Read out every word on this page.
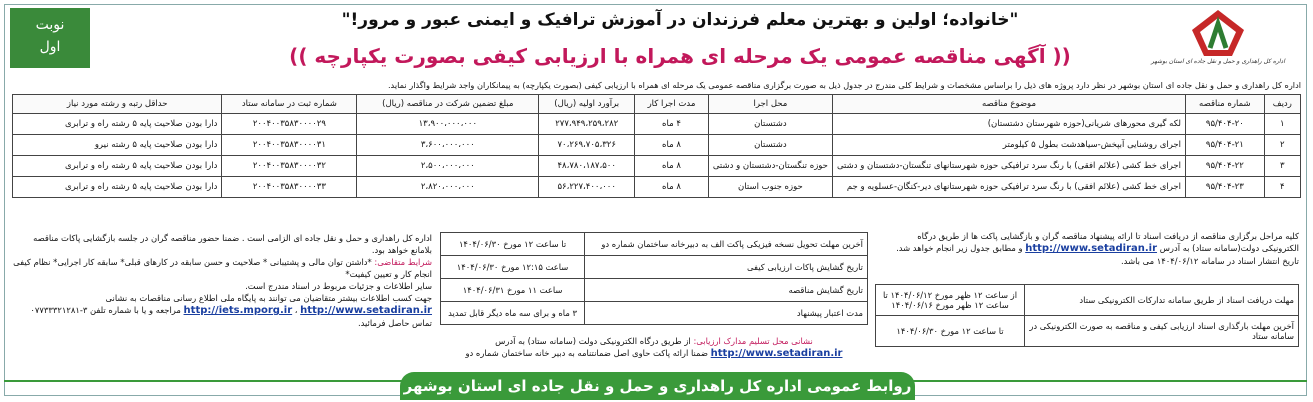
نوبت
اول
اداره کل راهداری و حمل و نقل جاده ای استان بوشهر
"خانواده؛ اولین و بهترین معلم فرزندان در آموزش ترافیک و ایمنی عبور و مرور!"
(( آگهی مناقصه عمومی یک مرحله ای همراه با ارزیابی کیفی بصورت یکپارچه ))
اداره کل راهداری و حمل و نقل جاده ای استان بوشهر در نظر دارد پروژه های ذیل را براساس مشخصات و شرایط کلی مندرج در جدول ذیل به صورت برگزاری مناقصه عمومی یک مرحله ای همراه با ارزیابی کیفی (بصورت یکپارچه) به پیمانکاران واجد شرایط واگذار نماید.
ردیف	شماره مناقصه	موضوع مناقصه	محل اجرا	مدت اجرا کار	برآورد اولیه (ریال)	مبلغ تضمین شرکت در مناقصه (ریال)	شماره ثبت در سامانه ستاد	حداقل رتبه و رشته مورد نیاز
۱	۹۵/۴۰۴-۲۰	لکه گیری محورهای شریانی(حوزه شهرستان دشتستان)	دشتستان	۴ ماه	۲۷۷،۹۴۹،۲۵۹،۲۸۲	۱۳،۹۰۰،۰۰۰،۰۰۰	۲۰۰۴۰۰۳۵۸۳۰۰۰۰۲۹	دارا بودن صلاحیت پایه ۵ رشته راه و ترابری
۲	۹۵/۴۰۴-۲۱	اجرای روشنایی آبپخش-سیاهدشت بطول ۵ کیلومتر	دشتستان	۸ ماه	۷۰،۲۶۹،۷۰۵،۳۲۶	۳،۶۰۰،۰۰۰،۰۰۰	۲۰۰۴۰۰۳۵۸۳۰۰۰۰۳۱	دارا بودن صلاحیت پایه ۵ رشته نیرو
۳	۹۵/۴۰۴-۲۲	اجرای خط کشی (علائم افقی) با رنگ سرد ترافیکی حوزه شهرستانهای تنگستان-دشتستان و دشتی	حوزه تنگستان-دشتستان و دشتی	۸ ماه	۴۸،۷۸۰،۱۸۷،۵۰۰	۲،۵۰۰،۰۰۰،۰۰۰	۲۰۰۴۰۰۳۵۸۳۰۰۰۰۳۲	دارا بودن صلاحیت پایه ۵ رشته راه و ترابری
۴	۹۵/۴۰۴-۲۳	اجرای خط کشی (علائم افقی) با رنگ سرد ترافیکی حوزه شهرستانهای دیر-کنگان-عسلویه و جم	حوزه جنوب استان	۸ ماه	۵۶،۲۲۷،۴۰۰،۰۰۰	۲،۸۲۰،۰۰۰،۰۰۰	۲۰۰۴۰۰۳۵۸۳۰۰۰۰۳۳	دارا بودن صلاحیت پایه ۵ رشته راه و ترابری
کلیه مراحل برگزاری مناقصه از دریافت اسناد تا ارائه پیشنهاد مناقصه گران و بازگشایی پاکت ها از طریق درگاه الکترونیکی دولت(سامانه ستاد) به آدرس http://www.setadiran.ir و مطابق جدول زیر انجام خواهد شد. تاریخ انتشار اسناد در سامانه ۱۴۰۴/۰۶/۱۲ می باشد.
مهلت دریافت اسناد از طریق سامانه تدارکات الکترونیکی ستاد	از ساعت ۱۲ ظهر مورخ ۱۴۰۴/۰۶/۱۲ تا ساعت ۱۲ ظهر مورخ ۱۴۰۴/۰۶/۱۶
آخرین مهلت بارگذاری اسناد ارزیابی کیفی و مناقصه به صورت الکترونیکی در سامانه ستاد	تا ساعت ۱۲ مورخ ۱۴۰۴/۰۶/۳۰
آخرین مهلت تحویل نسخه فیزیکی پاکت الف به دبیرخانه ساختمان شماره دو	تا ساعت ۱۲ مورخ ۱۴۰۴/۰۶/۳۰
تاریخ گشایش پاکات ارزیابی کیفی	ساعت ۱۲:۱۵ مورخ ۱۴۰۴/۰۶/۳۰
تاریخ گشایش مناقصه	ساعت ۱۱ مورخ ۱۴۰۴/۰۶/۳۱
مدت اعتبار پیشنهاد	۳ ماه و برای سه ماه دیگر قابل تمدید
نشانی محل تسلیم مدارک ارزیابی: از طریق درگاه الکترونیکی دولت (سامانه ستاد) به آدرس
http://www.setadiran.ir ضمنا ارائه پاکت حاوی اصل ضمانتنامه به دبیر خانه ساختمان شماره دو
اداره کل راهداری و حمل و نقل جاده ای الزامی است . ضمنا حضور مناقصه گران در جلسه بازگشایی پاکات مناقصه بلامانع خواهد بود.
شرایط متقاضی: *داشتن توان مالی و پشتیبانی * صلاحیت و حسن سابقه در کارهای قبلی* سابقه کار اجرایی* نظام کیفی انجام کار و تعیین کیفیت*
سایر اطلاعات و جزئیات مربوط در اسناد مندرج است.
جهت کسب اطلاعات بیشتر متقاضیان می توانند به پایگاه ملی اطلاع رسانی مناقصات به نشانی
http://iets.mporg.ir ، http://www.setadiran.ir مراجعه و یا با شماره تلفن ۳-۰۷۷۳۳۳۲۱۲۸۱ تماس حاصل فرمائید.
روابط عمومی اداره کل راهداری و حمل و نقل جاده ای استان بوشهر
